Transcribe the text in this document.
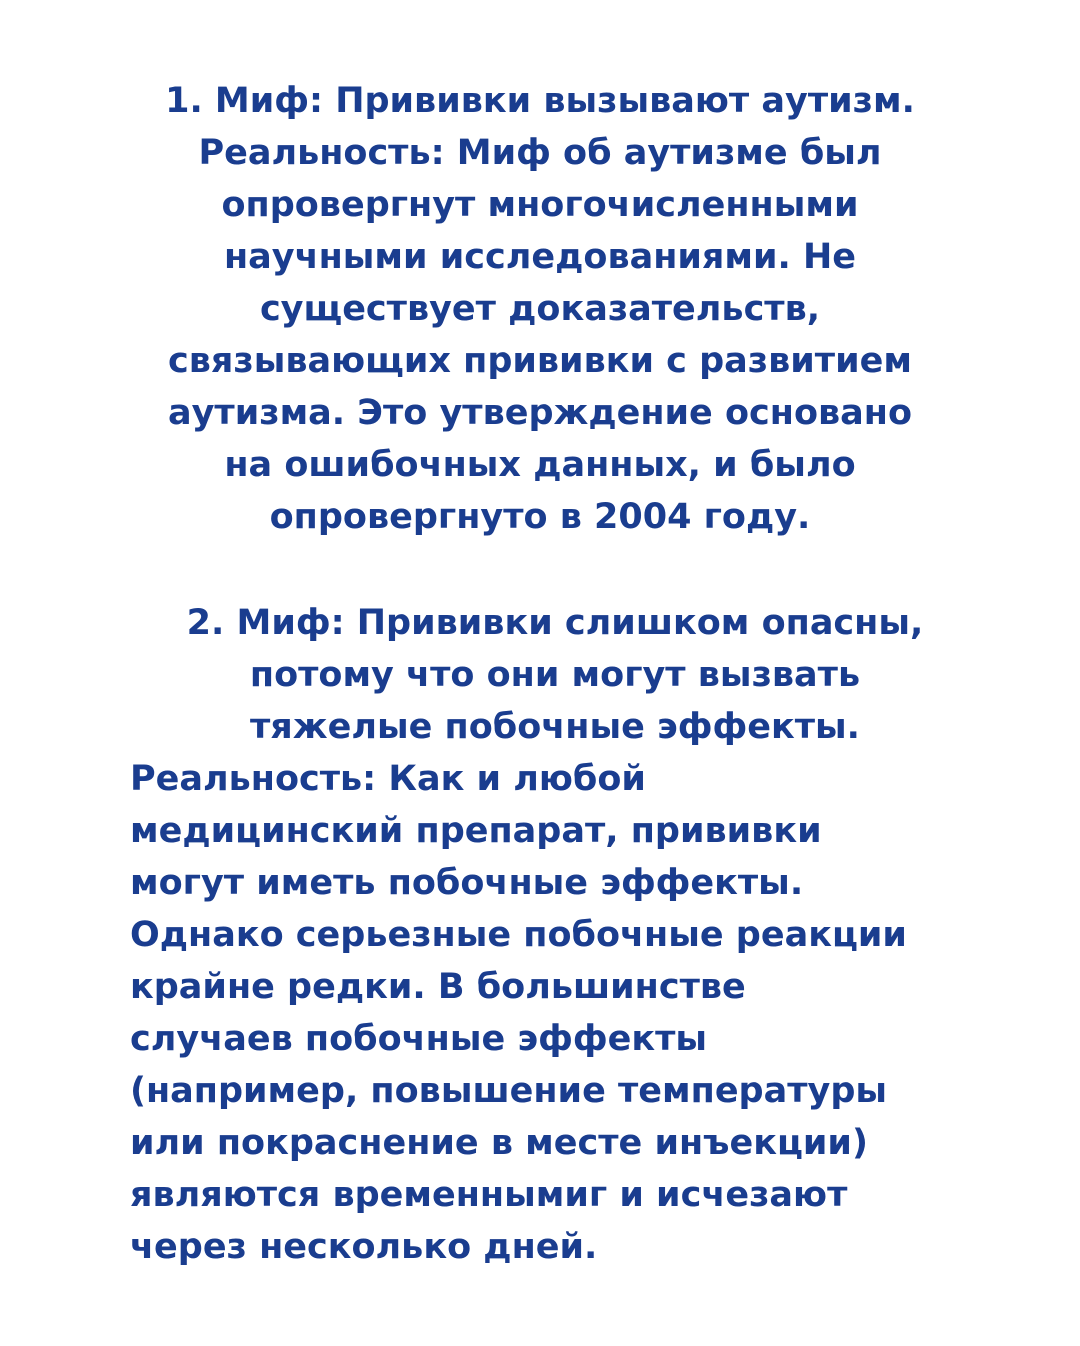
1. Миф: Прививки вызывают аутизм.
Реальность: Миф об аутизме был
опровергнут многочисленными
научными исследованиями. Не
существует доказательств,
связывающих прививки с развитием
аутизма. Это утверждение основано
на ошибочных данных, и было
опровергнуто в 2004 году.
2. Миф: Прививки слишком опасны,
потому что они могут вызвать
тяжелые побочные эффекты.
Реальность: Как и любой
медицинский препарат, прививки
могут иметь побочные эффекты.
Однако серьезные побочные реакции
крайне редки. В большинстве
случаев побочные эффекты
(например, повышение температуры
или покраснение в месте инъекции)
являются временнымиг и исчезают
через несколько дней.
